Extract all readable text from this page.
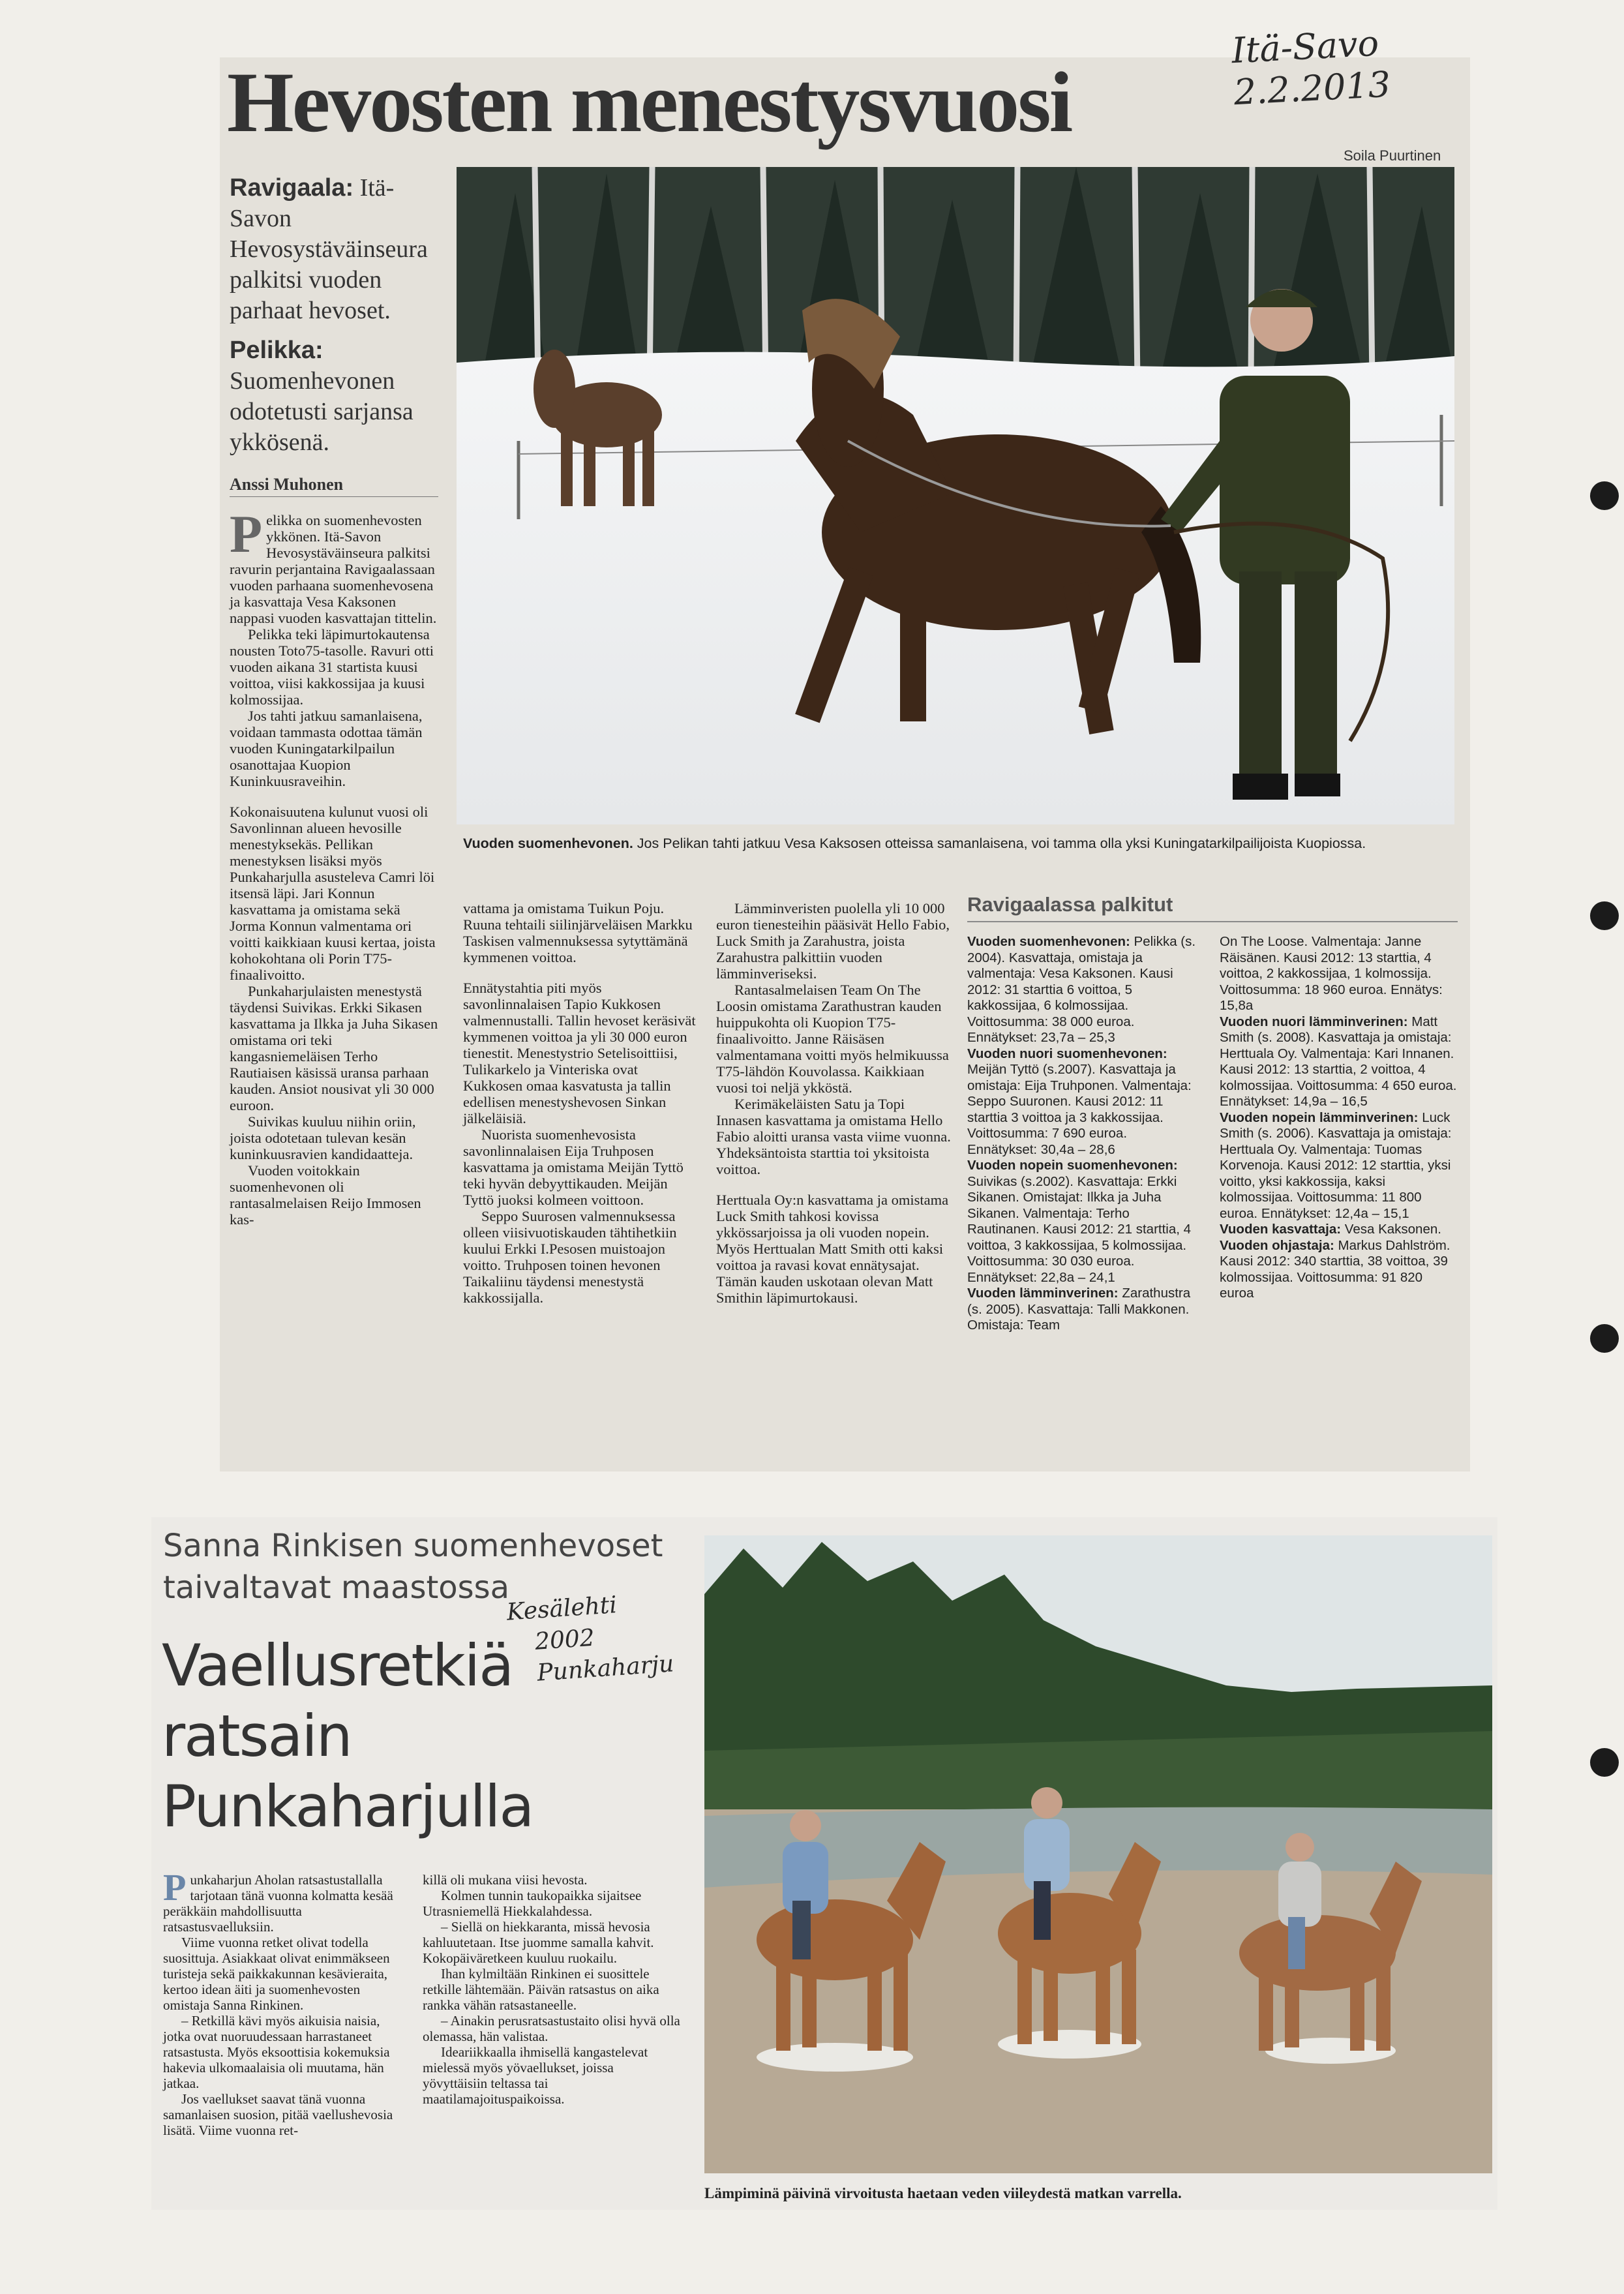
Hevosten menestysvuosi
Itä-Savo
2.2.2013
Soila Puurtinen
Vuoden suomenhevonen. Jos Pelikan tahti jatkuu Vesa Kaksosen otteissa samanlaisena, voi tamma olla yksi Kuningatarkilpailijoista Kuopiossa.
Ravigaala: Itä-Savon Hevosystäväinseura palkitsi vuoden parhaat hevoset.
Pelikka: Suomenhevonen odotetusti sarjansa ykkösenä.
Anssi Muhonen

Pelikka on suomenhevosten ykkönen. Itä-Savon Hevosystäväinseura palkitsi ravurin perjantaina Ravigaalassaan vuoden parhaana suomenhevosena ja kasvattaja Vesa Kaksonen nappasi vuoden kasvattajan tittelin.

Pelikka teki läpimurtokautensa nousten Toto75-tasolle. Ravuri otti vuoden aikana 31 startista kuusi voittoa, viisi kakkossijaa ja kuusi kolmossijaa.

Jos tahti jatkuu samanlaisena, voidaan tammasta odottaa tämän vuoden Kuningatarkilpailun osanottajaa Kuopion Kuninkuusraveihin.

Kokonaisuutena kulunut vuosi oli Savonlinnan alueen hevosille menestyksekäs. Pellikan menestyksen lisäksi myös Punkaharjulla asusteleva Camri löi itsensä läpi. Jari Konnun kasvattama ja omistama sekä Jorma Konnun valmentama ori voitti kaikkiaan kuusi kertaa, joista kohokohtana oli Porin T75-finaalivoitto.

Punkaharjulaisten menestystä täydensi Suivikas. Erkki Sikasen kasvattama ja Ilkka ja Juha Sikasen omistama ori teki kangasniemeläisen Terho Rautiaisen käsissä uransa parhaan kauden. Ansiot nousivat yli 30 000 euroon.

Suivikas kuuluu niihin oriin, joista odotetaan tulevan kesän kuninkuusravien kandidaatteja.

Vuoden voitokkain suomenhevonen oli rantasalmelaisen Reijo Immosen kas-

vattama ja omistama Tuikun Poju. Ruuna tehtaili siilinjärveläisen Markku Taskisen valmennuksessa sytyttämänä kymmenen voittoa.

Ennätystahtia piti myös savonlinnalaisen Tapio Kukkosen valmennustalli. Tallin hevoset keräsivät kymmenen voittoa ja yli 30 000 euron tienestit. Menestystrio Setelisoittiisi, Tulikarkelo ja Vinteriska ovat Kukkosen omaa kasvatusta ja tallin edellisen menestyshevosen Sinkan jälkeläisiä.

Nuorista suomenhevosista savonlinnalaisen Eija Truhposen kasvattama ja omistama Meijän Tyttö teki hyvän debyyttikauden. Meijän Tyttö juoksi kolmeen voittoon.

Seppo Suurosen valmennuksessa olleen viisivuotiskauden tähtihetkiin kuului Erkki I.Pesosen muistoajon voitto. Truhposen toinen hevonen Taikaliinu täydensi menestystä kakkossijalla.

Lämminveristen puolella yli 10 000 euron tienesteihin pääsivät Hello Fabio, Luck Smith ja Zarahustra, joista Zarahustra palkittiin vuoden lämminveriseksi.

Rantasalmelaisen Team On The Loosin omistama Zarathustran kauden huippukohta oli Kuopion T75-finaalivoitto. Janne Räisäsen valmentamana voitti myös helmikuussa T75-lähdön Kouvolassa. Kaikkiaan vuosi toi neljä ykköstä.

Kerimäkeläisten Satu ja Topi Innasen kasvattama ja omistama Hello Fabio aloitti uransa vasta viime vuonna. Yhdeksäntoista starttia toi yksitoista voittoa.

Herttuala Oy:n kasvattama ja omistama Luck Smith tahkosi kovissa ykkössarjoissa ja oli vuoden nopein. Myös Herttualan Matt Smith otti kaksi voittoa ja ravasi kovat ennätysajat. Tämän kauden uskotaan olevan Matt Smithin läpimurtokausi.

Ravigaalassa palkitut

Vuoden suomenhevonen: Pelikka (s. 2004). Kasvattaja, omistaja ja valmentaja: Vesa Kaksonen. Kausi 2012: 31 starttia 6 voittoa, 5 kakkossijaa, 6 kolmossijaa. Voittosumma: 38 000 euroa. Ennätykset: 23,7a – 25,3

Vuoden nuori suomenhevonen: Meijän Tyttö (s.2007). Kasvattaja ja omistaja: Eija Truhponen. Valmentaja: Seppo Suuronen. Kausi 2012: 11 starttia 3 voittoa ja 3 kakkossijaa. Voittosumma: 7 690 euroa. Ennätykset: 30,4a – 28,6

Vuoden nopein suomenhevonen: Suivikas (s.2002). Kasvattaja: Erkki Sikanen. Omistajat: Ilkka ja Juha Sikanen. Valmentaja: Terho Rautinanen. Kausi 2012: 21 starttia, 4 voittoa, 3 kakkossijaa, 5 kolmossijaa. Voittosumma: 30 030 euroa. Ennätykset: 22,8a – 24,1

Vuoden lämminverinen: Zarathustra (s. 2005). Kasvattaja: Talli Makkonen. Omistaja: Team

On The Loose. Valmentaja: Janne Räisänen. Kausi 2012: 13 starttia, 4 voittoa, 2 kakkossijaa, 1 kolmossija. Voittosumma: 18 960 euroa. Ennätys: 15,8a

Vuoden nuori lämminverinen: Matt Smith (s. 2008). Kasvattaja ja omistaja: Herttuala Oy. Valmentaja: Kari Innanen. Kausi 2012: 13 starttia, 2 voittoa, 4 kolmossijaa. Voittosumma: 4 650 euroa. Ennätykset: 14,9a – 16,5

Vuoden nopein lämminverinen: Luck Smith (s. 2006). Kasvattaja ja omistaja: Herttuala Oy. Valmentaja: Tuomas Korvenoja. Kausi 2012: 12 starttia, yksi voitto, yksi kakkossija, kaksi kolmossijaa. Voittosumma: 11 800 euroa. Ennätykset: 12,4a – 15,1

Vuoden kasvattaja: Vesa Kaksonen.

Vuoden ohjastaja: Markus Dahlström. Kausi 2012: 340 starttia, 38 voittoa, 39 kolmossijaa. Voittosumma: 91 820 euroa

Sanna Rinkisen suomenhevoset
taivaltavat maastossa
Kesälehti
2002
Punkaharju
Vaellusretkiä
ratsain
Punkaharjulla

Punkaharjun Aholan ratsastustallalla tarjotaan tänä vuonna kolmatta kesää peräkkäin mahdollisuutta ratsastusvaelluksiin.

Viime vuonna retket olivat todella suosittuja. Asiakkaat olivat enimmäkseen turisteja sekä paikkakunnan kesävieraita, kertoo idean äiti ja suomenhevosten omistaja Sanna Rinkinen.

– Retkillä kävi myös aikuisia naisia, jotka ovat nuoruudessaan harrastaneet ratsastusta. Myös eksoottisia kokemuksia hakevia ulkomaalaisia oli muutama, hän jatkaa.

Jos vaellukset saavat tänä vuonna samanlaisen suosion, pitää vaellushevosia lisätä. Viime vuonna ret-

killä oli mukana viisi hevosta.

Kolmen tunnin taukopaikka sijaitsee Utrasniemellä Hiekkalahdessa.

– Siellä on hiekkaranta, missä hevosia kahluutetaan. Itse juomme samalla kahvit. Kokopäiväretkeen kuuluu ruokailu.

Ihan kylmiltään Rinkinen ei suosittele retkille lähtemään. Päivän ratsastus on aika rankka vähän ratsastaneelle.

– Ainakin perusratsastustaito olisi hyvä olla olemassa, hän valistaa.

Ideariikkaalla ihmisellä kangastelevat mielessä myös yövaellukset, joissa yövyttäisiin teltassa tai maatilamajoituspaikoissa.

Lämpiminä päivinä virvoitusta haetaan veden viileydestä matkan varrella.
